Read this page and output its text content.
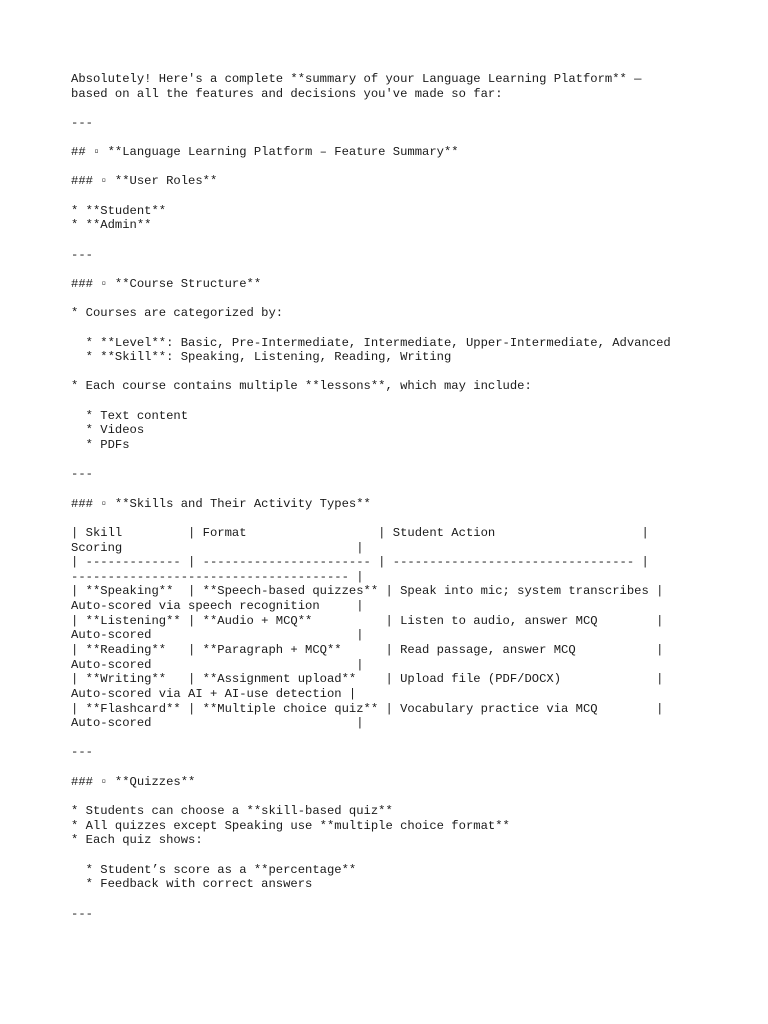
Absolutely! Here's a complete **summary of your Language Learning Platform** —
based on all the features and decisions you've made so far:

---

## ▫ **Language Learning Platform – Feature Summary**

### ▫ **User Roles**

* **Student**
* **Admin**

---

### ▫ **Course Structure**

* Courses are categorized by:

* **Level**: Basic, Pre-Intermediate, Intermediate, Upper-Intermediate, Advanced
* **Skill**: Speaking, Listening, Reading, Writing

* Each course contains multiple **lessons**, which may include:

* Text content
* Videos
* PDFs

---

### ▫ **Skills and Their Activity Types**

| Skill         | Format                  | Student Action                    |
Scoring                                |
| ------------- | ----------------------- | --------------------------------- |
-------------------------------------- |
| **Speaking**  | **Speech-based quizzes** | Speak into mic; system transcribes |
Auto-scored via speech recognition     |
| **Listening** | **Audio + MCQ**          | Listen to audio, answer MCQ        |
Auto-scored                            |
| **Reading**   | **Paragraph + MCQ**      | Read passage, answer MCQ           |
Auto-scored                            |
| **Writing**   | **Assignment upload**    | Upload file (PDF/DOCX)             |
Auto-scored via AI + AI-use detection |
| **Flashcard** | **Multiple choice quiz** | Vocabulary practice via MCQ        |
Auto-scored                            |

---

### ▫ **Quizzes**

* Students can choose a **skill-based quiz**
* All quizzes except Speaking use **multiple choice format**
* Each quiz shows:

* Student’s score as a **percentage**
* Feedback with correct answers

---
